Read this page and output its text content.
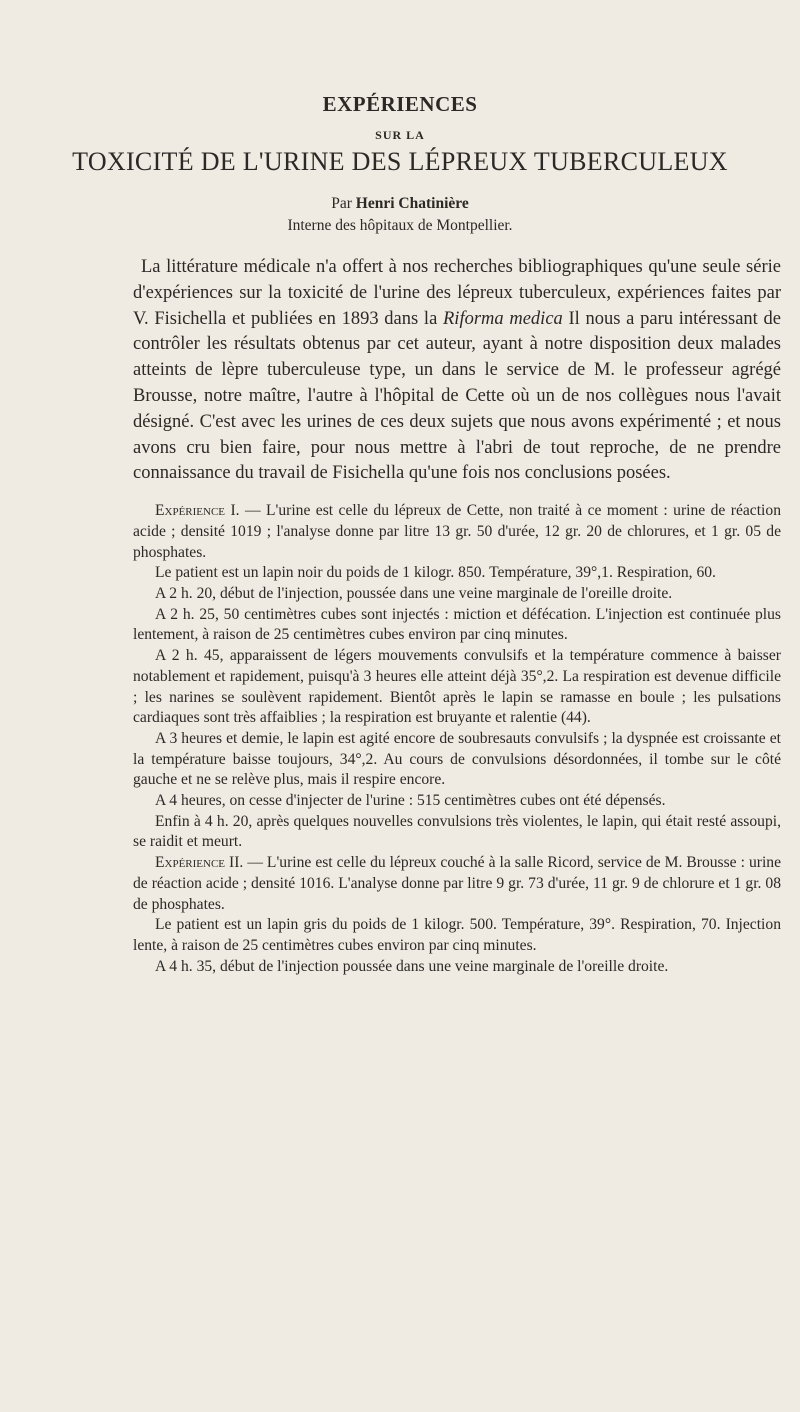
EXPÉRIENCES
SUR LA
TOXICITÉ DE L'URINE DES LÉPREUX TUBERCULEUX
Par Henri Chatinière
Interne des hôpitaux de Montpellier.

La littérature médicale n'a offert à nos recherches bibliographiques qu'une seule série d'expériences sur la toxicité de l'urine des lépreux tuberculeux, expériences faites par V. Fisichella et publiées en 1893 dans la Riforma medica Il nous a paru intéressant de contrôler les résultats obtenus par cet auteur, ayant à notre disposition deux malades atteints de lèpre tuberculeuse type, un dans le service de M. le professeur agrégé Brousse, notre maître, l'autre à l'hôpital de Cette où un de nos collègues nous l'avait désigné. C'est avec les urines de ces deux sujets que nous avons expérimenté ; et nous avons cru bien faire, pour nous mettre à l'abri de tout reproche, de ne prendre connaissance du travail de Fisichella qu'une fois nos conclusions posées.

Expérience I. — L'urine est celle du lépreux de Cette, non traité à ce moment : urine de réaction acide ; densité 1019 ; l'analyse donne par litre 13 gr. 50 d'urée, 12 gr. 20 de chlorures, et 1 gr. 05 de phosphates.

Le patient est un lapin noir du poids de 1 kilogr. 850. Température, 39°,1. Respiration, 60.

A 2 h. 20, début de l'injection, poussée dans une veine marginale de l'oreille droite.

A 2 h. 25, 50 centimètres cubes sont injectés : miction et défécation. L'injection est continuée plus lentement, à raison de 25 centimètres cubes environ par cinq minutes.

A 2 h. 45, apparaissent de légers mouvements convulsifs et la température commence à baisser notablement et rapidement, puisqu'à 3 heures elle atteint déjà 35°,2. La respiration est devenue difficile ; les narines se soulèvent rapidement. Bientôt après le lapin se ramasse en boule ; les pulsations cardiaques sont très affaiblies ; la respiration est bruyante et ralentie (44).

A 3 heures et demie, le lapin est agité encore de soubresauts convulsifs ; la dyspnée est croissante et la température baisse toujours, 34°,2. Au cours de convulsions désordonnées, il tombe sur le côté gauche et ne se relève plus, mais il respire encore.

A 4 heures, on cesse d'injecter de l'urine : 515 centimètres cubes ont été dépensés.

Enfin à 4 h. 20, après quelques nouvelles convulsions très violentes, le lapin, qui était resté assoupi, se raidit et meurt.

Expérience II. — L'urine est celle du lépreux couché à la salle Ricord, service de M. Brousse : urine de réaction acide ; densité 1016. L'analyse donne par litre 9 gr. 73 d'urée, 11 gr. 9 de chlorure et 1 gr. 08 de phosphates.

Le patient est un lapin gris du poids de 1 kilogr. 500. Température, 39°. Respiration, 70. Injection lente, à raison de 25 centimètres cubes environ par cinq minutes.

A 4 h. 35, début de l'injection poussée dans une veine marginale de l'oreille droite.
